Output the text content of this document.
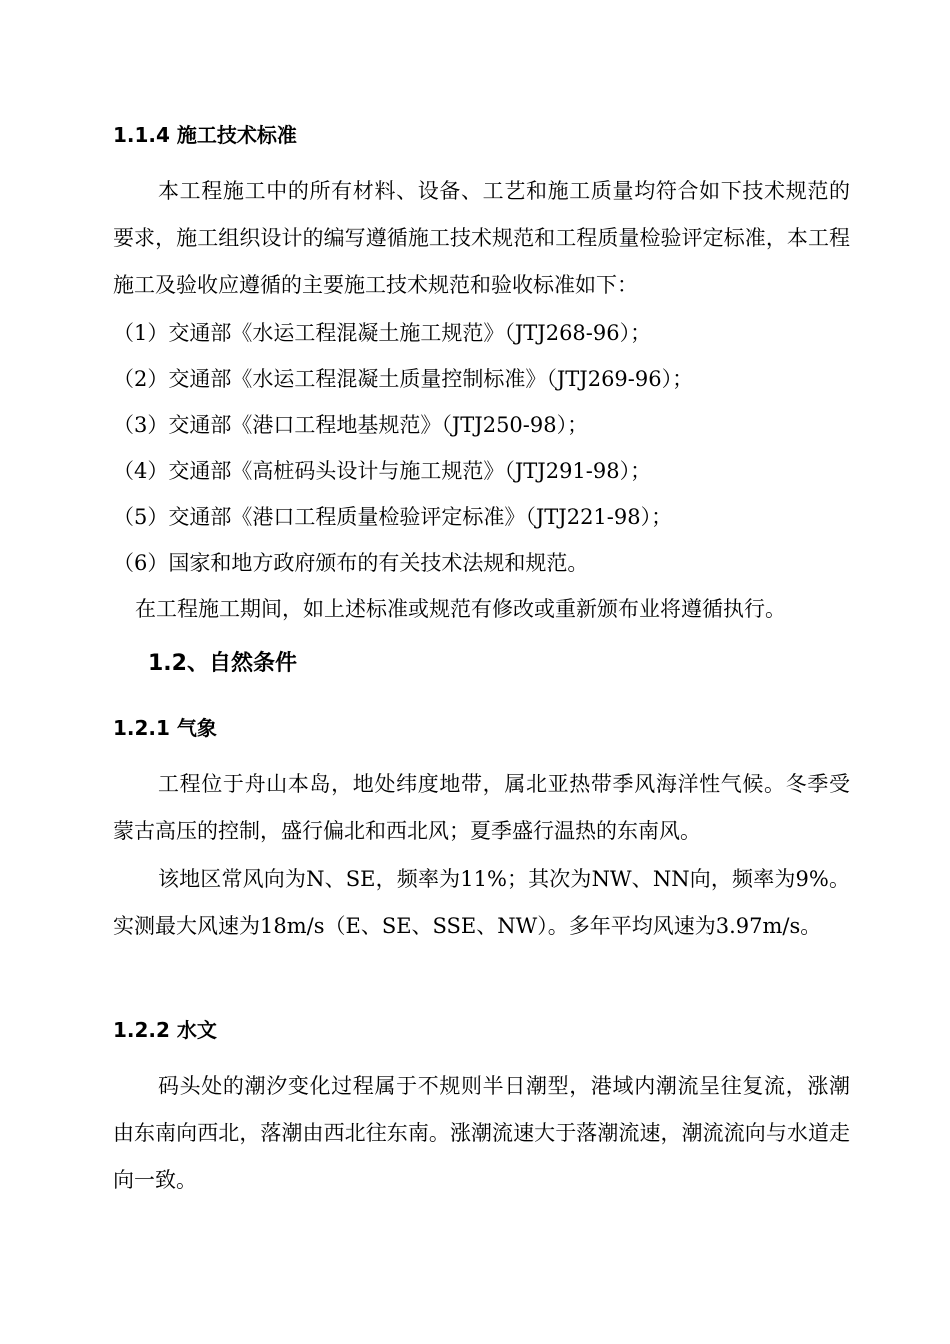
1.1.4 施工技术标准

本工程施工中的所有材料、设备、工艺和施工质量均符合如下技术规范的要求，施工组织设计的编写遵循施工技术规范和工程质量检验评定标准，本工程施工及验收应遵循的主要施工技术规范和验收标准如下：

（1）交通部《水运工程混凝土施工规范》（JTJ268-96）；
（2）交通部《水运工程混凝土质量控制标准》（JTJ269-96）；
（3）交通部《港口工程地基规范》（JTJ250-98）；
（4）交通部《高桩码头设计与施工规范》（JTJ291-98）；
（5）交通部《港口工程质量检验评定标准》（JTJ221-98）；
（6）国家和地方政府颁布的有关技术法规和规范。
在工程施工期间，如上述标准或规范有修改或重新颁布业将遵循执行。
1.2、自然条件
1.2.1 气象

工程位于舟山本岛，地处纬度地带，属北亚热带季风海洋性气候。冬季受蒙古高压的控制，盛行偏北和西北风；夏季盛行温热的东南风。

该地区常风向为N、SE，频率为11%；其次为NW、NN向，频率为9%。实测最大风速为18m/s（E、SE、SSE、NW）。多年平均风速为3.97m/s。

1.2.2 水文

码头处的潮汐变化过程属于不规则半日潮型，港域内潮流呈往复流，涨潮由东南向西北，落潮由西北往东南。涨潮流速大于落潮流速，潮流流向与水道走向一致。
